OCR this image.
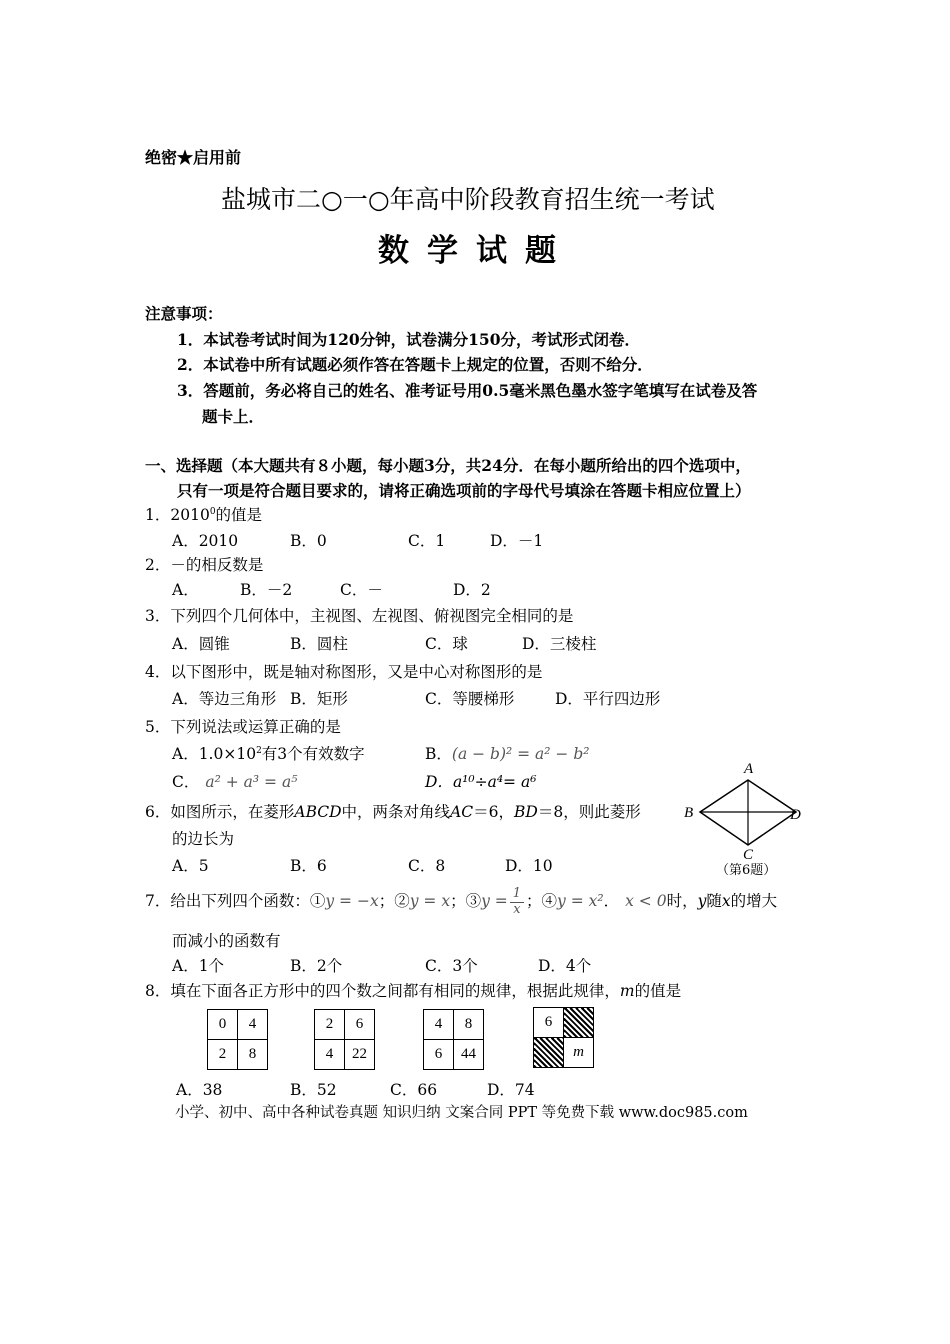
绝密★启用前
盐城市二○一○年高中阶段教育招生统一考试
数学试题
注意事项：
1．本试卷考试时间为120分钟，试卷满分150分，考试形式闭卷．
2．本试卷中所有试题必须作答在答题卡上规定的位置，否则不给分．
3．答题前，务必将自己的姓名、准考证号用0.5毫米黑色墨水签字笔填写在试卷及答
题卡上．
一、选择题（本大题共有８小题，每小题3分，共24分．在每小题所给出的四个选项中，
只有一项是符合题目要求的，请将正确选项前的字母代号填涂在答题卡相应位置上）
1．2010$^0$的值是
A．2010	B．0	C．1	D．－1
2．－的相反数是
A．	B．－2	C．－	D．2
3．下列四个几何体中，主视图、左视图、俯视图完全相同的是
A．圆锥	B．圆柱	C．球	D．三棱柱
4．以下图形中，既是轴对称图形，又是中心对称图形的是
A．等边三角形 B．矩形	C．等腰梯形	D．平行四边形
5．下列说法或运算正确的是
A．$1.0\times 10^2$有3个有效数字	B．(a − b)² = a² − b²
C． a² + a³ = a⁵	D．a¹⁰÷a⁴= a⁶
6．如图所示，在菱形ABCD中，两条对角线AC＝6，BD＝8，则此菱形
的边长为
A．5	B．6	C．8	D．10
A
B	D
C
（第6题）
7．给出下列四个函数：①y = −x；②y = x；③y = $\frac{1}{x}$ ；④y = x²． x < 0时，y随x的增大
而减小的函数有
A．1个	B．2个	C．3个	D．4个
8．填在下面各正方形中的四个数之间都有相同的规律，根据此规律，m的值是
0	4
2	8
2	6
4	22
4	8
6	44
6	
	m
A．38	B．52	C．66	D．74
小学、初中、高中各种试卷真题 知识归纳 文案合同 PPT 等免费下载 www.doc985.com
